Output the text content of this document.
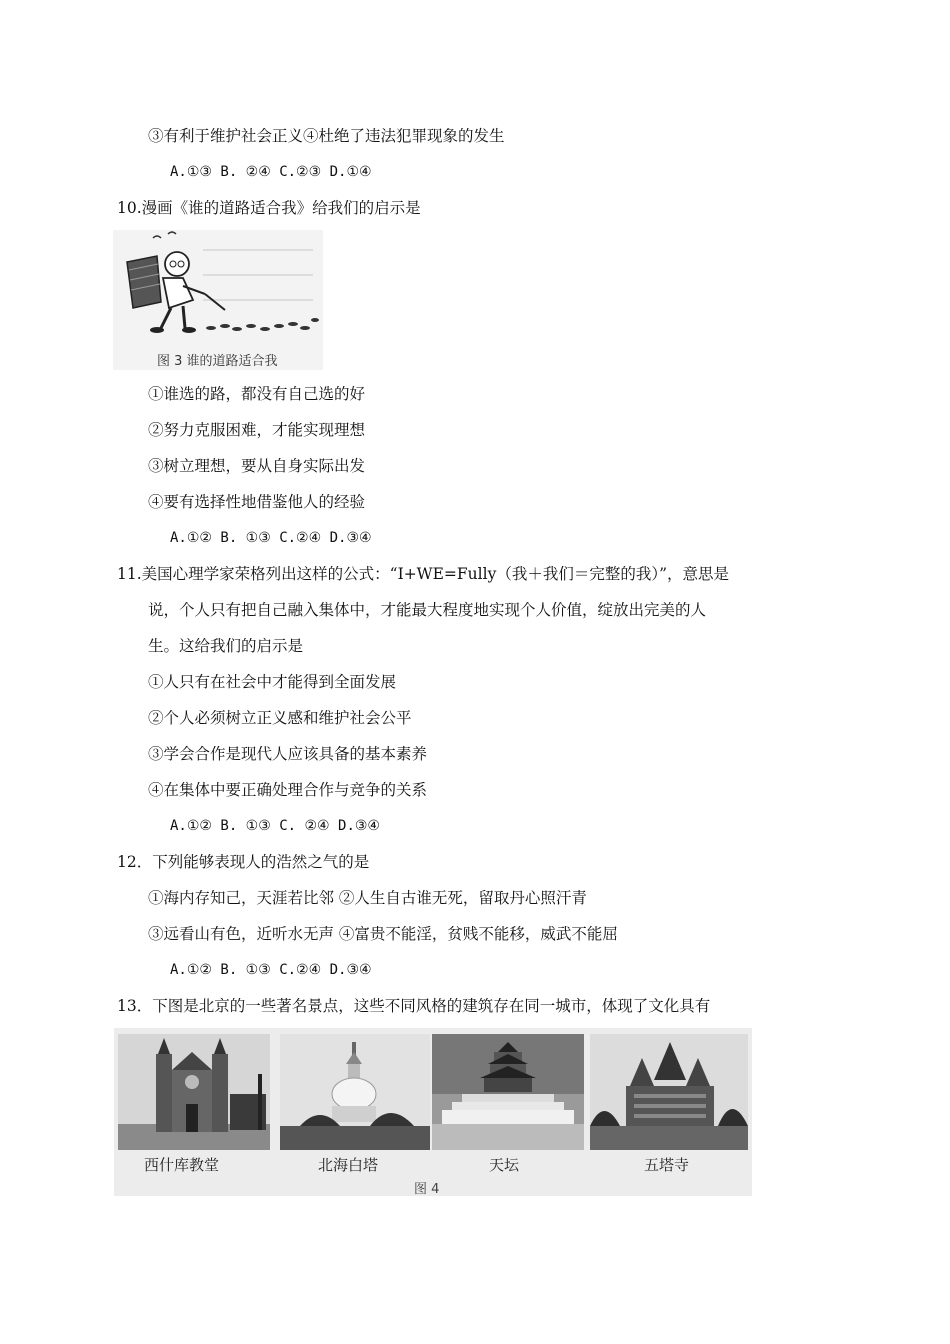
③有利于维护社会正义④杜绝了违法犯罪现象的发生
A.①③ B. ②④ C.②③ D.①④
10.漫画《谁的道路适合我》给我们的启示是
图 3 谁的道路适合我
①谁选的路，都没有自己选的好
②努力克服困难，才能实现理想
③树立理想，要从自身实际出发
④要有选择性地借鉴他人的经验
A.①② B. ①③ C.②④ D.③④
11.美国心理学家荣格列出这样的公式：“I+WE=Fully（我＋我们＝完整的我）”，意思是
说，个人只有把自己融入集体中，才能最大程度地实现个人价值，绽放出完美的人
生。这给我们的启示是
①人只有在社会中才能得到全面发展
②个人必须树立正义感和维护社会公平
③学会合作是现代人应该具备的基本素养
④在集体中要正确处理合作与竞争的关系
A.①② B. ①③ C. ②④ D.③④
12．下列能够表现人的浩然之气的是
①海内存知己，天涯若比邻 ②人生自古谁无死，留取丹心照汗青
③远看山有色，近听水无声 ④富贵不能淫，贫贱不能移，威武不能屈
A.①② B. ①③ C.②④ D.③④
13．下图是北京的一些著名景点，这些不同风格的建筑存在同一城市，体现了文化具有
西什库教堂	北海白塔	天坛	五塔寺
图 4
